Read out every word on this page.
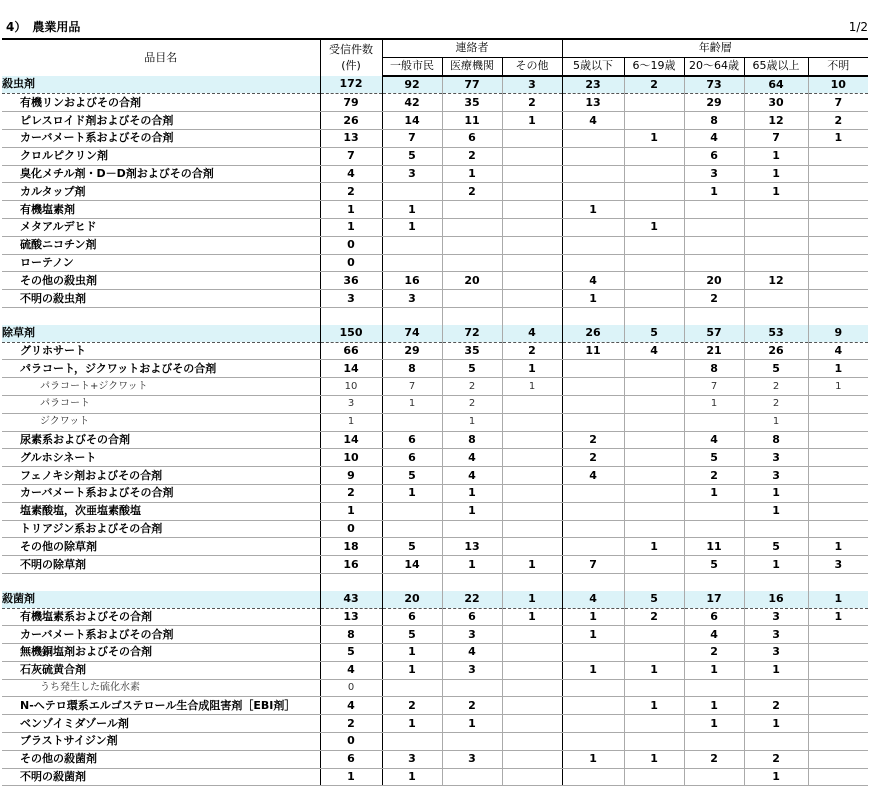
4）　農業用品	1/2
品目名	受信件数
(件)	連絡者			年齢層				
		一般市民	医療機関	その他	5歳以下	6～19歳	20～64歳	65歳以上	不明
殺虫剤	172	92	77	3	23	2	73	64	10
有機リンおよびその合剤	79	42	35	2	13		29	30	7
ピレスロイド剤およびその合剤	26	14	11	1	4		8	12	2
カーバメート系およびその合剤	13	7	6			1	4	7	1
クロルピクリン剤	7	5	2				6	1	
臭化メチル剤・D－D剤およびその合剤	4	3	1				3	1	
カルタップ剤	2		2				1	1	
有機塩素剤	1	1			1				
メタアルデヒド	1	1				1			
硫酸ニコチン剤	0								
ローテノン	0								
その他の殺虫剤	36	16	20		4		20	12	
不明の殺虫剤	3	3			1		2		

除草剤	150	74	72	4	26	5	57	53	9
グリホサート	66	29	35	2	11	4	21	26	4
パラコート，ジクワットおよびその合剤	14	8	5	1			8	5	1
パラコート+ジクワット	10	7	2	1			7	2	1
パラコート	3	1	2				1	2	
ジクワット	1		1					1	
尿素系およびその合剤	14	6	8		2		4	8	
グルホシネート	10	6	4		2		5	3	
フェノキシ剤およびその合剤	9	5	4		4		2	3	
カーバメート系およびその合剤	2	1	1				1	1	
塩素酸塩，次亜塩素酸塩	1		1					1	
トリアジン系およびその合剤	0								
その他の除草剤	18	5	13			1	11	5	1
不明の除草剤	16	14	1	1	7		5	1	3

殺菌剤	43	20	22	1	4	5	17	16	1
有機塩素系およびその合剤	13	6	6	1	1	2	6	3	1
カーバメート系およびその合剤	8	5	3		1		4	3	
無機銅塩剤およびその合剤	5	1	4				2	3	
石灰硫黄合剤	4	1	3		1	1	1	1	
うち発生した硫化水素	0								
N-ヘテロ環系エルゴステロール生合成阻害剤［EBI剤］	4	2	2			1	1	2	
ベンゾイミダゾール剤	2	1	1				1	1	
ブラストサイジン剤	0								
その他の殺菌剤	6	3	3		1	1	2	2	
不明の殺菌剤	1	1						1	
